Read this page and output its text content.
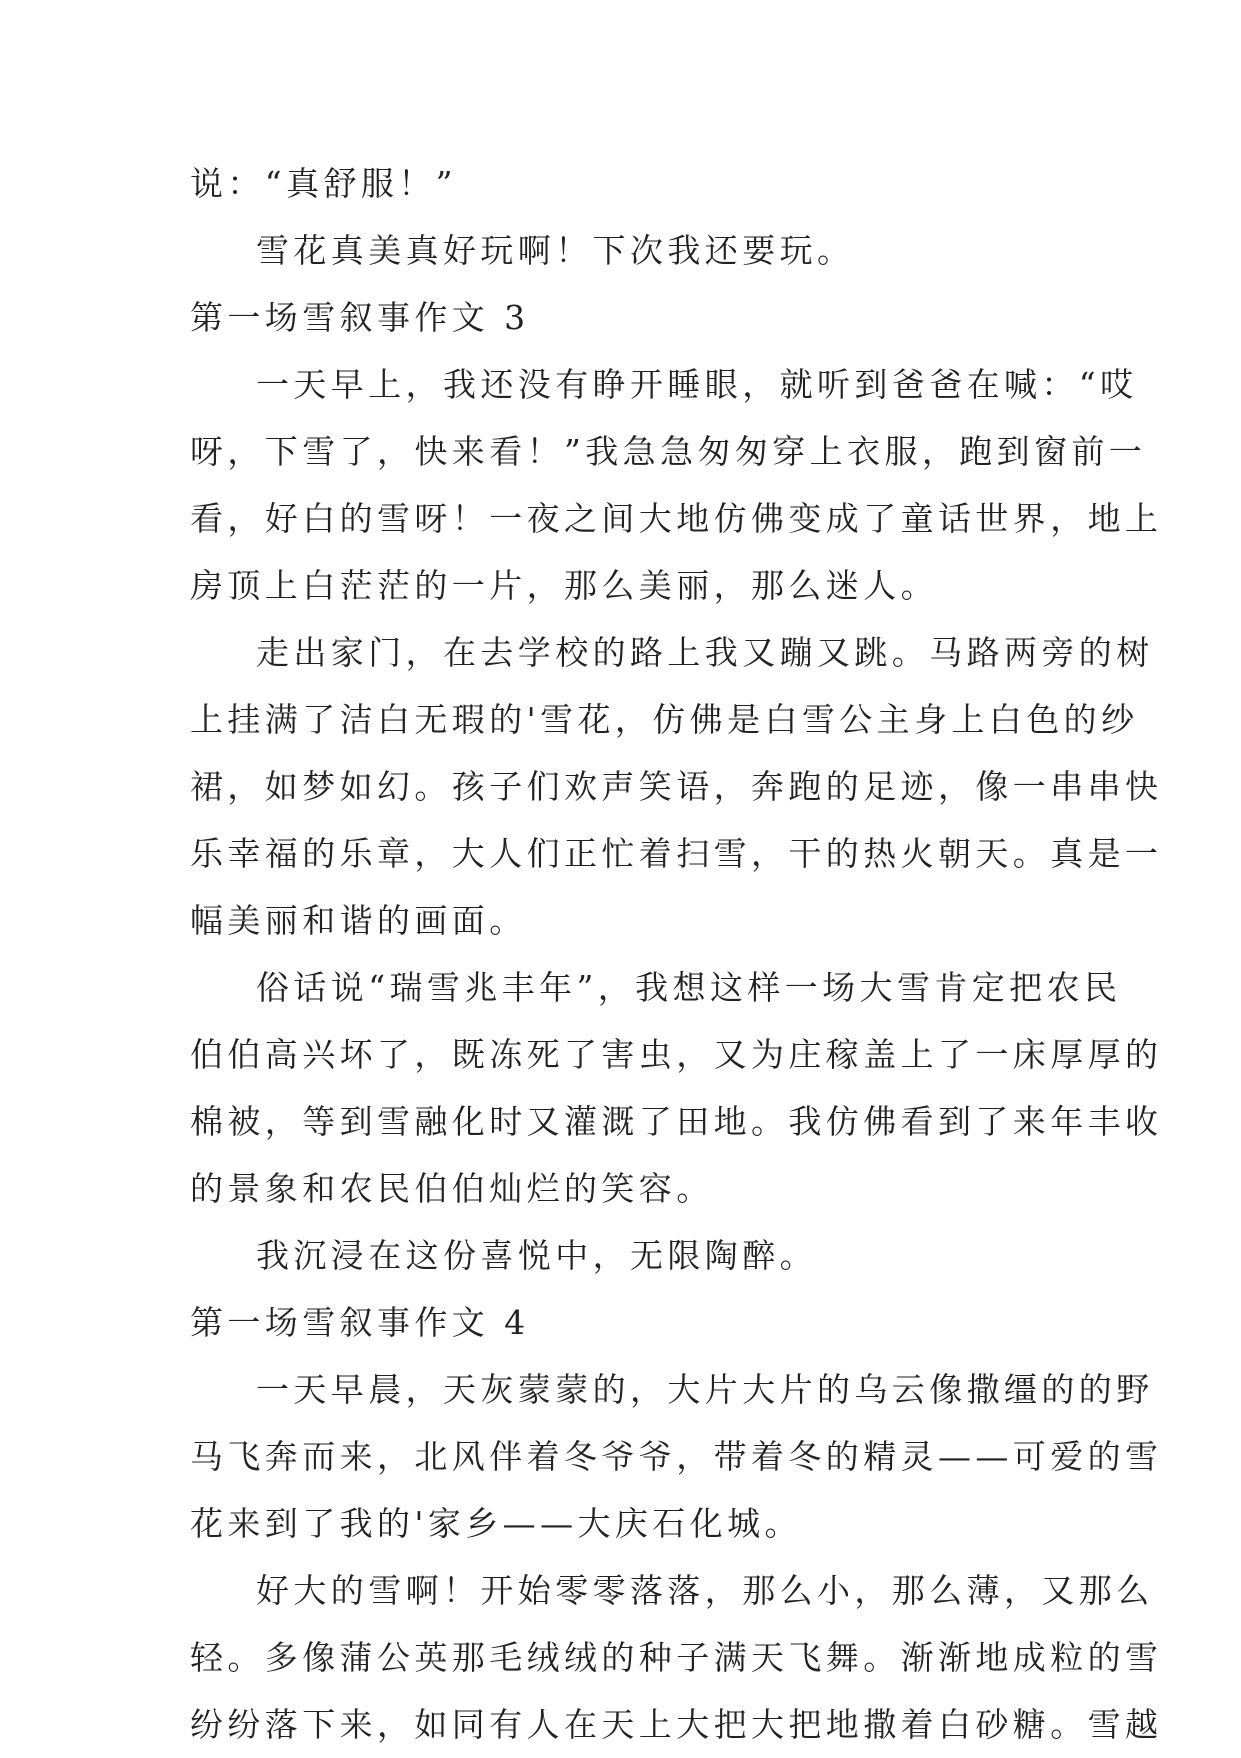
说：“真舒服！”
雪花真美真好玩啊！下次我还要玩。
第一场雪叙事作文 3
一天早上，我还没有睁开睡眼，就听到爸爸在喊：“哎
呀，下雪了，快来看！”我急急匆匆穿上衣服，跑到窗前一
看，好白的雪呀！一夜之间大地仿佛变成了童话世界，地上
房顶上白茫茫的一片，那么美丽，那么迷人。
走出家门，在去学校的路上我又蹦又跳。马路两旁的树
上挂满了洁白无瑕的'雪花，仿佛是白雪公主身上白色的纱
裙，如梦如幻。孩子们欢声笑语，奔跑的足迹，像一串串快
乐幸福的乐章，大人们正忙着扫雪，干的热火朝天。真是一
幅美丽和谐的画面。
俗话说“瑞雪兆丰年”，我想这样一场大雪肯定把农民
伯伯高兴坏了，既冻死了害虫，又为庄稼盖上了一床厚厚的
棉被，等到雪融化时又灌溉了田地。我仿佛看到了来年丰收
的景象和农民伯伯灿烂的笑容。
我沉浸在这份喜悦中，无限陶醉。
第一场雪叙事作文 4
一天早晨，天灰蒙蒙的，大片大片的乌云像撒缰的的野
马飞奔而来，北风伴着冬爷爷，带着冬的精灵——可爱的雪
花来到了我的'家乡——大庆石化城。
好大的雪啊！开始零零落落，那么小，那么薄，又那么
轻。多像蒲公英那毛绒绒的种子满天飞舞。渐渐地成粒的雪
纷纷落下来，如同有人在天上大把大把地撒着白砂糖。雪越
